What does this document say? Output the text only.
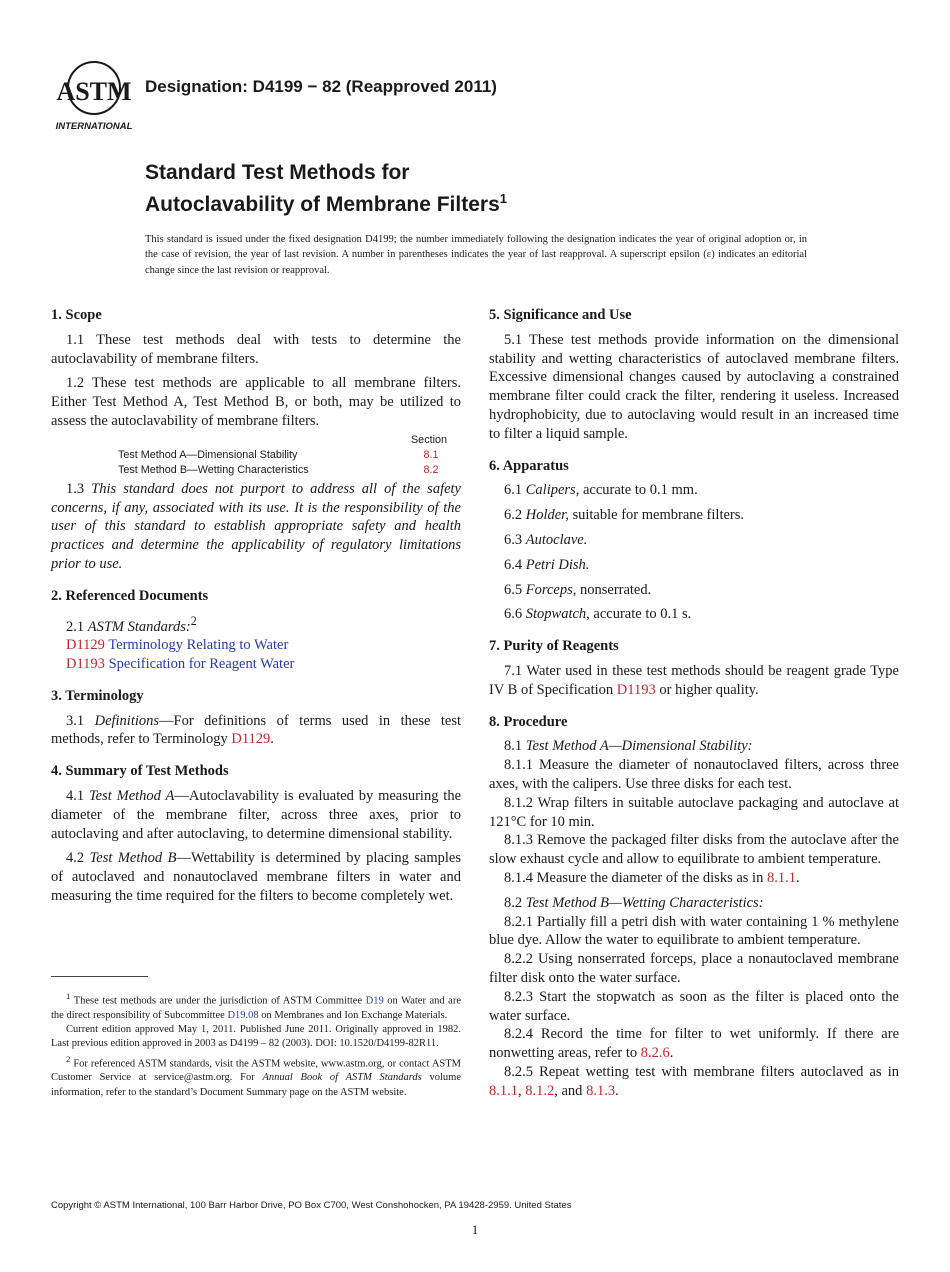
ASTM
INTERNATIONAL
Designation: D4199 − 82 (Reapproved 2011)
Standard Test Methods for
Autoclavability of Membrane Filters$^1$
This standard is issued under the fixed designation D4199; the number immediately following the designation indicates the year of original adoption or, in the case of revision, the year of last revision. A number in parentheses indicates the year of last reapproval. A superscript epsilon (ε) indicates an editorial change since the last revision or reapproval.
1. Scope

1.1 These test methods deal with tests to determine the autoclavability of membrane filters.

1.2 These test methods are applicable to all membrane filters. Either Test Method A, Test Method B, or both, may be utilized to assess the autoclavability of membrane filters.

Section
Test Method A—Dimensional Stability	8.1
Test Method B—Wetting Characteristics	8.2

1.3 This standard does not purport to address all of the safety concerns, if any, associated with its use. It is the responsibility of the user of this standard to establish appropriate safety and health practices and determine the applicability of regulatory limitations prior to use.

2. Referenced Documents

2.1 ASTM Standards:$^2$

D1129 Terminology Relating to Water

D1193 Specification for Reagent Water

3. Terminology

3.1 Definitions—For definitions of terms used in these test methods, refer to Terminology D1129.

4. Summary of Test Methods

4.1 Test Method A—Autoclavability is evaluated by measuring the diameter of the membrane filter, across three axes, prior to autoclaving and after autoclaving, to determine dimensional stability.

4.2 Test Method B—Wettability is determined by placing samples of autoclaved and nonautoclaved membrane filters in water and measuring the time required for the filters to become completely wet.

$^1$ These test methods are under the jurisdiction of ASTM Committee D19 on Water and are the direct responsibility of Subcommittee D19.08 on Membranes and Ion Exchange Materials.

Current edition approved May 1, 2011. Published June 2011. Originally approved in 1982. Last previous edition approved in 2003 as D4199 – 82 (2003). DOI: 10.1520/D4199-82R11.

$^2$ For referenced ASTM standards, visit the ASTM website, www.astm.org, or contact ASTM Customer Service at service@astm.org. For Annual Book of ASTM Standards volume information, refer to the standard’s Document Summary page on the ASTM website.

5. Significance and Use

5.1 These test methods provide information on the dimensional stability and wetting characteristics of autoclaved membrane filters. Excessive dimensional changes caused by autoclaving a constrained membrane filter could crack the filter, rendering it useless. Increased hydrophobicity, due to autoclaving would result in an increased time to filter a liquid sample.

6. Apparatus

6.1 Calipers, accurate to 0.1 mm.

6.2 Holder, suitable for membrane filters.

6.3 Autoclave.

6.4 Petri Dish.

6.5 Forceps, nonserrated.

6.6 Stopwatch, accurate to 0.1 s.

7. Purity of Reagents

7.1 Water used in these test methods should be reagent grade Type IV B of Specification D1193 or higher quality.

8. Procedure

8.1 Test Method A—Dimensional Stability:

8.1.1 Measure the diameter of nonautoclaved filters, across three axes, with the calipers. Use three disks for each test.

8.1.2 Wrap filters in suitable autoclave packaging and autoclave at 121°C for 10 min.

8.1.3 Remove the packaged filter disks from the autoclave after the slow exhaust cycle and allow to equilibrate to ambient temperature.

8.1.4 Measure the diameter of the disks as in 8.1.1.

8.2 Test Method B—Wetting Characteristics:

8.2.1 Partially fill a petri dish with water containing 1 % methylene blue dye. Allow the water to equilibrate to ambient temperature.

8.2.2 Using nonserrated forceps, place a nonautoclaved membrane filter disk onto the water surface.

8.2.3 Start the stopwatch as soon as the filter is placed onto the water surface.

8.2.4 Record the time for filter to wet uniformly. If there are nonwetting areas, refer to 8.2.6.

8.2.5 Repeat wetting test with membrane filters autoclaved as in 8.1.1, 8.1.2, and 8.1.3.

Copyright © ASTM International, 100 Barr Harbor Drive, PO Box C700, West Conshohocken, PA 19428-2959. United States
1
